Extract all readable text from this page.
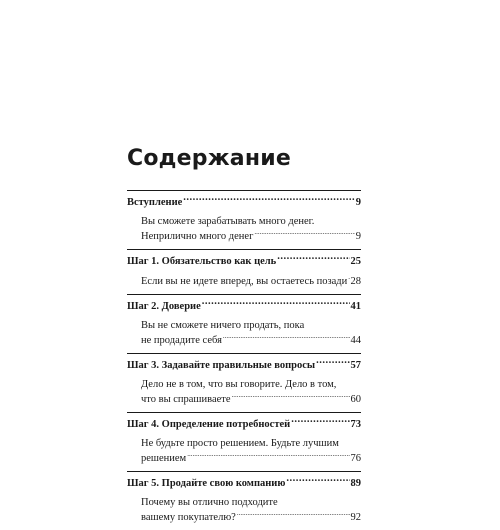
Содержание
Вступление .....	9
Вы сможете зарабатывать много денег.
Неприлично много денег .....	9
Шаг 1. Обязательство как цель .....	25
Если вы не идете вперед, вы остаетесь позади ..... 28
Шаг 2. Доверие .....	41
Вы не сможете ничего продать, пока
не продадите себя .....	44
Шаг 3. Задавайте правильные вопросы .....	57
Дело не в том, что вы говорите. Дело в том,
что вы спрашиваете .....	60
Шаг 4. Определение потребностей .....	73
Не будьте просто решением. Будьте лучшим
решением .....	76
Шаг 5. Продайте свою компанию .....	89
Почему вы отлично подходите
вашему покупателю? .....	92
